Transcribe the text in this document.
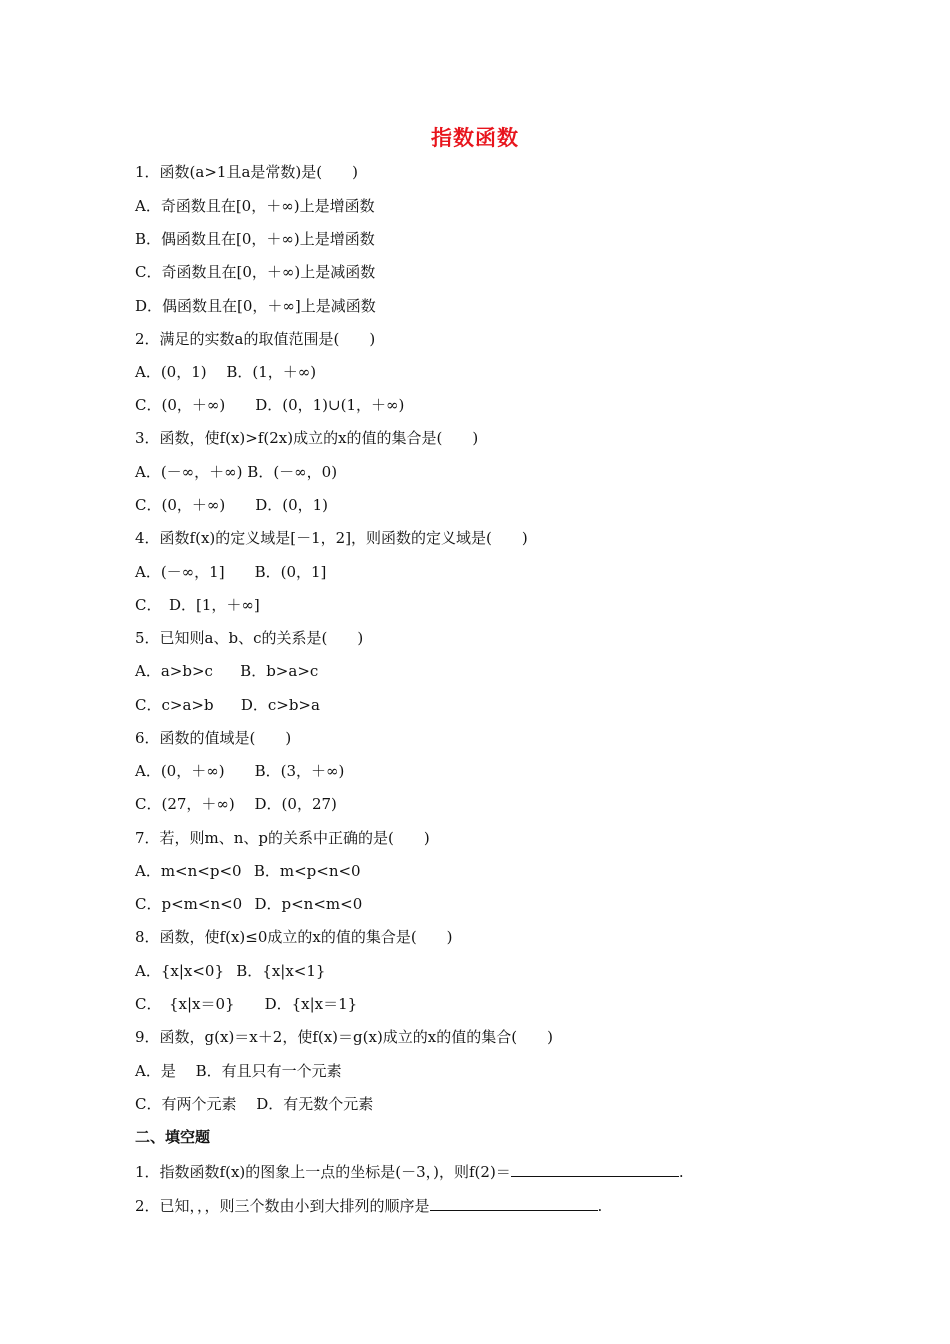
指数函数
1．函数(a>1且a是常数)是(　　)
A．奇函数且在[0，＋∞)上是增函数
B．偶函数且在[0，＋∞)上是增函数
C．奇函数且在[0，＋∞)上是减函数
D．偶函数且在[0，＋∞]上是减函数
2．满足的实数a的取值范围是(　　)
A．(0，1)　 B．(1，＋∞)
C．(0，＋∞)　　D．(0，1)∪(1，＋∞)
3．函数，使f(x)>f(2x)成立的x的值的集合是(　　)
A．(－∞，＋∞) B．(－∞，0)
C．(0，＋∞)　　D．(0，1)
4．函数f(x)的定义域是[－1，2]，则函数的定义域是(　　)
A．(－∞，1]　　B．(0，1]
C． D．[1，＋∞]
5．已知则a、b、c的关系是(　　)
A．a>b>c　  B．b>a>c
C．c>a>b　  D．c>b>a
6．函数的值域是(　　)
A．(0，＋∞)　　B．(3，＋∞)
C．(27，＋∞)　 D．(0，27)
7．若，则m、n、p的关系中正确的是(　　)
A．m<n<p<0  B．m<p<n<0
C．p<m<n<0  D．p<n<m<0
8．函数，使f(x)≤0成立的x的值的集合是(　　)
A．{x|x<0}  B．{x|x<1}
C． {x|x＝0}　　D．{x|x＝1}
9．函数，g(x)＝x＋2，使f(x)＝g(x)成立的x的值的集合(　　)
A．是　 B．有且只有一个元素
C．有两个元素　 D．有无数个元素
二、填空题
1．指数函数f(x)的图象上一点的坐标是(－3，)，则f(2)＝	.
2．已知，，，则三个数由小到大排列的顺序是	.
